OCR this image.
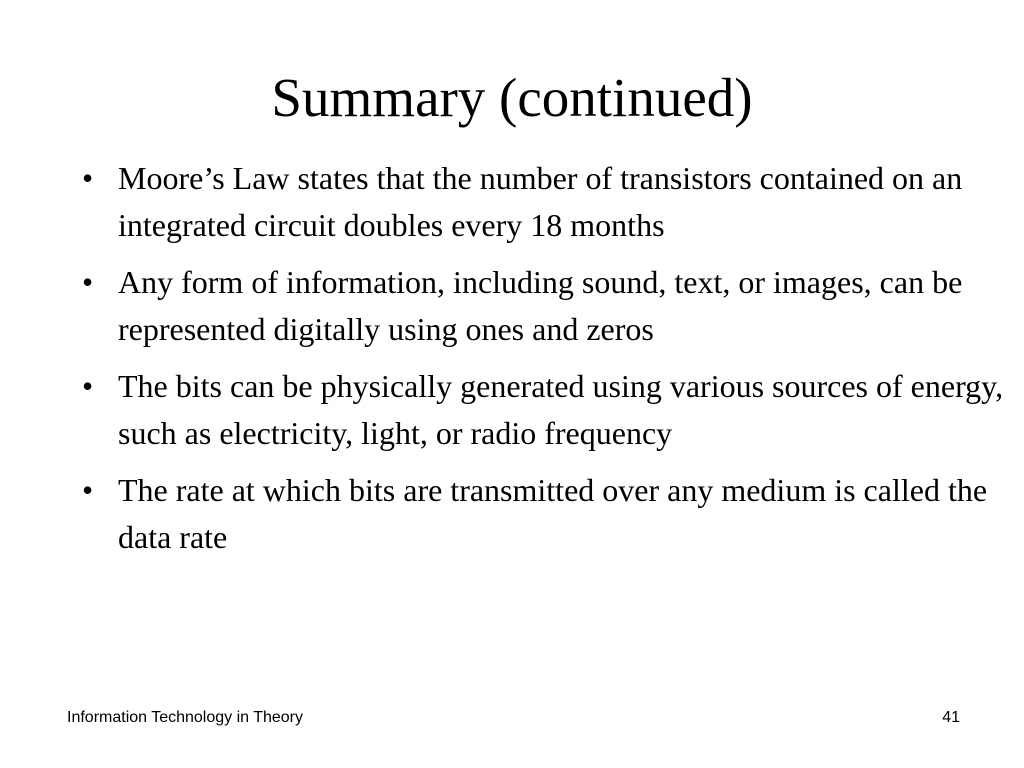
Summary (continued)
• Moore’s Law states that the number of transistors contained on an integrated circuit doubles every 18 months
• Any form of information, including sound, text, or images, can be represented digitally using ones and zeros
• The bits can be physically generated using various sources of energy, such as electricity, light, or radio frequency
• The rate at which bits are transmitted over any medium is called the data rate
Information Technology in Theory	41
